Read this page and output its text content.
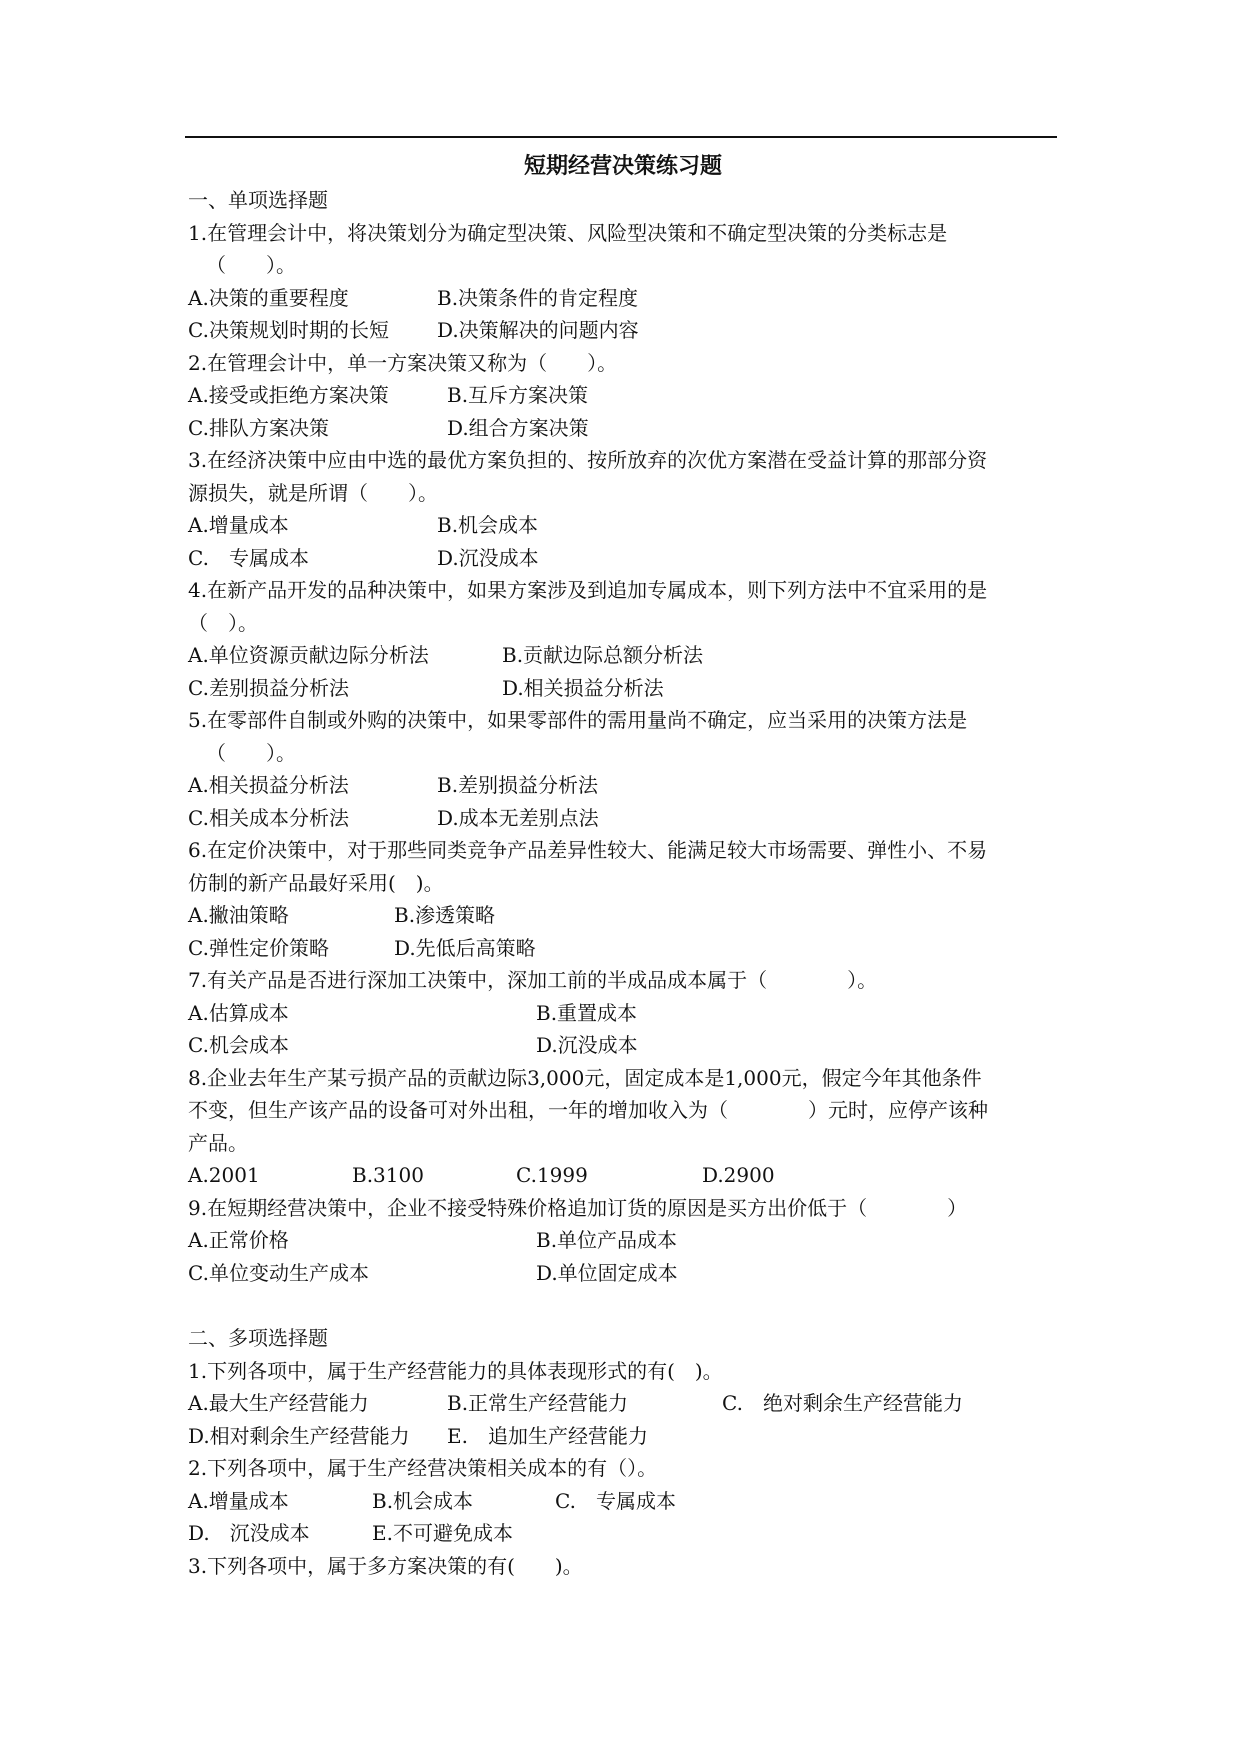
短期经营决策练习题
一、单项选择题
1.在管理会计中，将决策划分为确定型决策、风险型决策和不确定型决策的分类标志是
（　　）。
A.决策的重要程度	B.决策条件的肯定程度
C.决策规划时期的长短 D.决策解决的问题内容
2.在管理会计中，单一方案决策又称为（　　）。
A.接受或拒绝方案决策	B.互斥方案决策
C.排队方案决策	D.组合方案决策
3.在经济决策中应由中选的最优方案负担的、按所放弃的次优方案潜在受益计算的那部分资
源损失，就是所谓（　　）。
A.增量成本	B.机会成本
C.　专属成本	D.沉没成本
4.在新产品开发的品种决策中，如果方案涉及到追加专属成本，则下列方法中不宜采用的是
（　）。
A.单位资源贡献边际分析法	B.贡献边际总额分析法
C.差别损益分析法	D.相关损益分析法
5.在零部件自制或外购的决策中，如果零部件的需用量尚不确定，应当采用的决策方法是
（　　）。
A.相关损益分析法	B.差别损益分析法
C.相关成本分析法	D.成本无差别点法
6.在定价决策中，对于那些同类竞争产品差异性较大、能满足较大市场需要、弹性小、不易
仿制的新产品最好采用(　)。
A.撇油策略	B.渗透策略
C.弹性定价策略	D.先低后高策略
7.有关产品是否进行深加工决策中，深加工前的半成品成本属于（　　　　）。
A.估算成本	B.重置成本
C.机会成本	D.沉没成本
8.企业去年生产某亏损产品的贡献边际3,000元，固定成本是1,000元，假定今年其他条件
不变，但生产该产品的设备可对外出租，一年的增加收入为（　　　　）元时，应停产该种
产品。
A.2001	B.3100	C.1999	D.2900
9.在短期经营决策中，企业不接受特殊价格追加订货的原因是买方出价低于（　　　　）
A.正常价格	B.单位产品成本
C.单位变动生产成本	D.单位固定成本
二、多项选择题
1.下列各项中，属于生产经营能力的具体表现形式的有(　)。
A.最大生产经营能力	B.正常生产经营能力	C.　绝对剩余生产经营能力
D.相对剩余生产经营能力 E.　追加生产经营能力
2.下列各项中，属于生产经营决策相关成本的有（）。
A.增量成本	B.机会成本	C.　专属成本
D.　沉没成本	E.不可避免成本
3.下列各项中，属于多方案决策的有(　　)。
